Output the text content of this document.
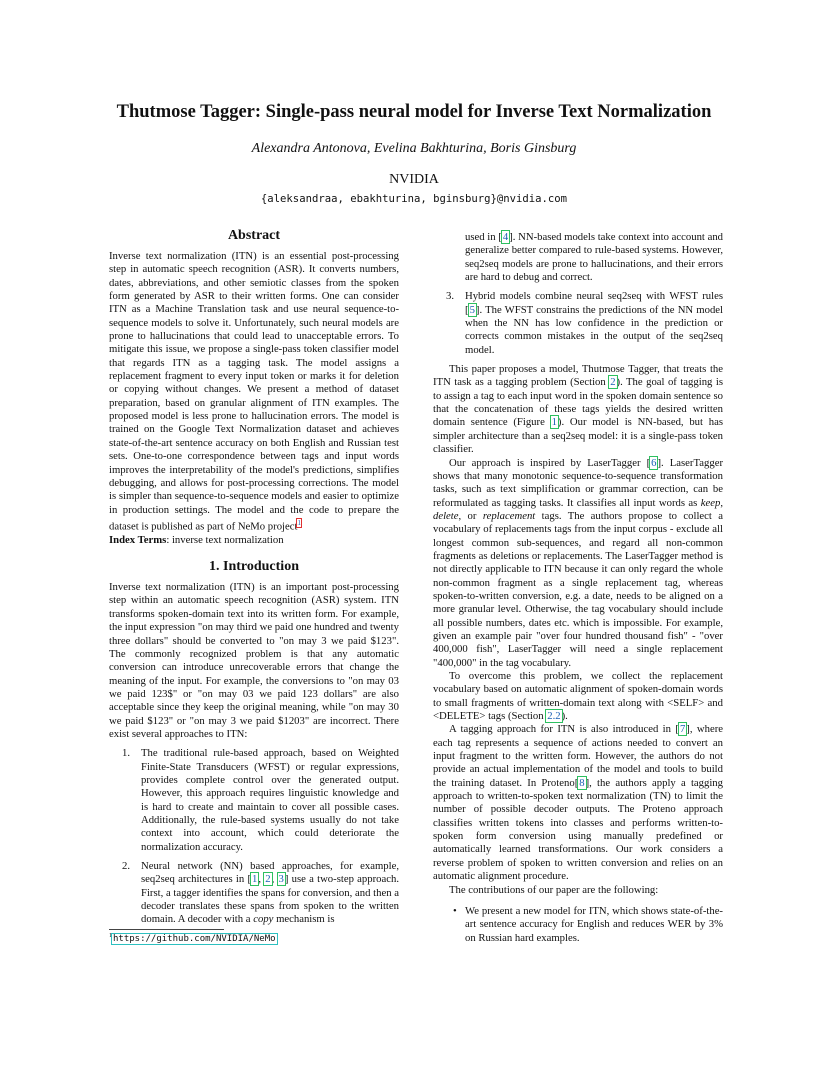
Thutmose Tagger: Single-pass neural model for Inverse Text Normalization
Alexandra Antonova, Evelina Bakhturina, Boris Ginsburg
NVIDIA
{aleksandraa, ebakhturina, bginsburg}@nvidia.com
Abstract

Inverse text normalization (ITN) is an essential post-processing step in automatic speech recognition (ASR). It converts numbers, dates, abbreviations, and other semiotic classes from the spoken form generated by ASR to their written forms. One can consider ITN as a Machine Translation task and use neural sequence-to-sequence models to solve it. Unfortunately, such neural models are prone to hallucinations that could lead to unacceptable errors. To mitigate this issue, we propose a single-pass token classifier model that regards ITN as a tagging task. The model assigns a replacement fragment to every input token or marks it for deletion or copying without changes. We present a method of dataset preparation, based on granular alignment of ITN examples. The proposed model is less prone to hallucination errors. The model is trained on the Google Text Normalization dataset and achieves state-of-the-art sentence accuracy on both English and Russian test sets. One-to-one correspondence between tags and input words improves the interpretability of the model's predictions, simplifies debugging, and allows for post-processing corrections. The model is simpler than sequence-to-sequence models and easier to optimize in production settings. The model and the code to prepare the dataset is published as part of NeMo project$^1$
Index Terms: inverse text normalization

1. Introduction

Inverse text normalization (ITN) is an important post-processing step within an automatic speech recognition (ASR) system. ITN transforms spoken-domain text into its written form. For example, the input expression "on may third we paid one hundred and twenty three dollars" should be converted to "on may 3 we paid $123". The commonly recognized problem is that any automatic conversion can introduce unrecoverable errors that change the meaning of the input. For example, the conversions to "on may 03 we paid 123$" or "on may 03 we paid 123 dollars" are also acceptable since they keep the original meaning, while "on may 30 we paid $123" or "on may 3 we paid $1203" are incorrect. There exist several approaches to ITN:

1. The traditional rule-based approach, based on Weighted Finite-State Transducers (WFST) or regular expressions, provides complete control over the generated output. However, this approach requires linguistic knowledge and is hard to create and maintain to cover all possible cases. Additionally, the rule-based systems usually do not take context into account, which could deteriorate the normalization accuracy.
2. Neural network (NN) based approaches, for example, seq2seq architectures in [1, 2, 3] use a two-step approach. First, a tagger identifies the spans for conversion, and then a decoder translates these spans from spoken to the written domain. A decoder with a copy mechanism is
$^1$https://github.com/NVIDIA/NeMo
used in [4]. NN-based models take context into account and generalize better compared to rule-based systems. However, seq2seq models are prone to hallucinations, and their errors are hard to debug and correct.
3. Hybrid models combine neural seq2seq with WFST rules [5]. The WFST constrains the predictions of the NN model when the NN has low confidence in the prediction or corrects common mistakes in the output of the seq2seq model.

This paper proposes a model, Thutmose Tagger, that treats the ITN task as a tagging problem (Section 2). The goal of tagging is to assign a tag to each input word in the spoken domain sentence so that the concatenation of these tags yields the desired written domain sentence (Figure 1). Our model is NN-based, but has simpler architecture than a seq2seq model: it is a single-pass token classifier.

Our approach is inspired by LaserTagger [6]. LaserTagger shows that many monotonic sequence-to-sequence transformation tasks, such as text simplification or grammar correction, can be reformulated as tagging tasks. It classifies all input words as keep, delete, or replacement tags. The authors propose to collect a vocabulary of replacements tags from the input corpus - exclude all longest common sub-sequences, and regard all non-common fragments as deletions or replacements. The LaserTagger method is not directly applicable to ITN because it can only regard the whole non-common fragment as a single replacement tag, whereas spoken-to-written conversion, e.g. a date, needs to be aligned on a more granular level. Otherwise, the tag vocabulary should include all possible numbers, dates etc. which is impossible. For example, given an example pair "over four hundred thousand fish" - "over 400,000 fish", LaserTagger will need a single replacement "400,000" in the tag vocabulary.

To overcome this problem, we collect the replacement vocabulary based on automatic alignment of spoken-domain words to small fragments of written-domain text along with <SELF> and <DELETE> tags (Section 2.2).

A tagging approach for ITN is also introduced in [7], where each tag represents a sequence of actions needed to convert an input fragment to the written form. However, the authors do not provide an actual implementation of the model and tools to build the training dataset. In Proteno[8], the authors apply a tagging approach to written-to-spoken text normalization (TN) to limit the number of possible decoder outputs. The Proteno approach classifies written tokens into classes and performs written-to-spoken form conversion using manually predefined or automatically learned transformations. Our work considers a reverse problem of spoken to written conversion and relies on an automatic alignment procedure.

The contributions of our paper are the following:

• We present a new model for ITN, which shows state-of-the-art sentence accuracy for English and reduces WER by 3% on Russian hard examples.
